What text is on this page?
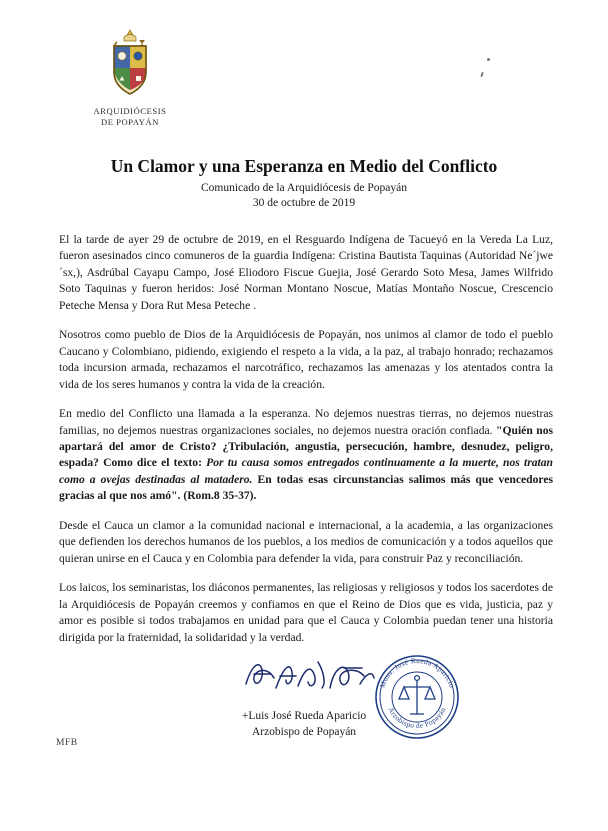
ARQUIDIÓCESIS
DE POPAYÁN
Un Clamor y una Esperanza en Medio del Conflicto
Comunicado de la Arquidiócesis de Popayán
30 de octubre de 2019

El la tarde de ayer 29 de octubre de 2019, en el Resguardo Indígena de Tacueyó en la Vereda La Luz, fueron asesinados cinco comuneros de la guardia Indígena: Cristina Bautista Taquinas (Autoridad Ne´jwe´sx,), Asdrúbal Cayapu Campo, José Eliodoro Fiscue Guejia, José Gerardo Soto Mesa, James Wilfrido Soto Taquinas y fueron heridos: José Norman Montano Noscue, Matías Montaño Noscue, Crescencio Peteche Mensa y Dora Rut Mesa Peteche .

Nosotros como pueblo de Dios de la Arquidiócesis de Popayán, nos unimos al clamor de todo el pueblo Caucano y Colombiano, pidiendo, exigiendo el respeto a la vida, a la paz, al trabajo honrado; rechazamos toda incursion armada, rechazamos el narcotráfico, rechazamos las amenazas y los atentados contra la vida de los seres humanos y contra la vida de la creación.

En medio del Conflicto una llamada a la esperanza. No dejemos nuestras tierras, no dejemos nuestras familias, no dejemos nuestras organizaciones sociales, no dejemos nuestra oración confiada. "Quién nos apartará del amor de Cristo? ¿Tribulación, angustia, persecución, hambre, desnudez, peligro, espada? Como dice el texto: Por tu causa somos entregados continuamente a la muerte, nos tratan como a ovejas destinadas al matadero. En todas esas circunstancias salimos más que vencedores gracias al que nos amó". (Rom.8 35-37).

Desde el Cauca un clamor a la comunidad nacional e internacional, a la academia, a las organizaciones que defienden los derechos humanos de los pueblos, a los medios de comunicación y a todos aquellos que quieran unirse en el Cauca y en Colombia para defender la vida, para construir Paz y reconciliación.

Los laicos, los seminaristas, los diáconos permanentes, las religiosas y religiosos y todos los sacerdotes de la Arquidiócesis de Popayán creemos y confiamos en que el Reino de Dios que es vida, justicia, paz y amor es posible si todos trabajamos en unidad para que el Cauca y Colombia puedan tener una historia dirigida por la fraternidad, la solidaridad y la verdad.

+Luis José Rueda Aparicio
Arzobispo de Popayán
Mons. José Rueda Aparicio
Arzobispo de Popayán
MFB
